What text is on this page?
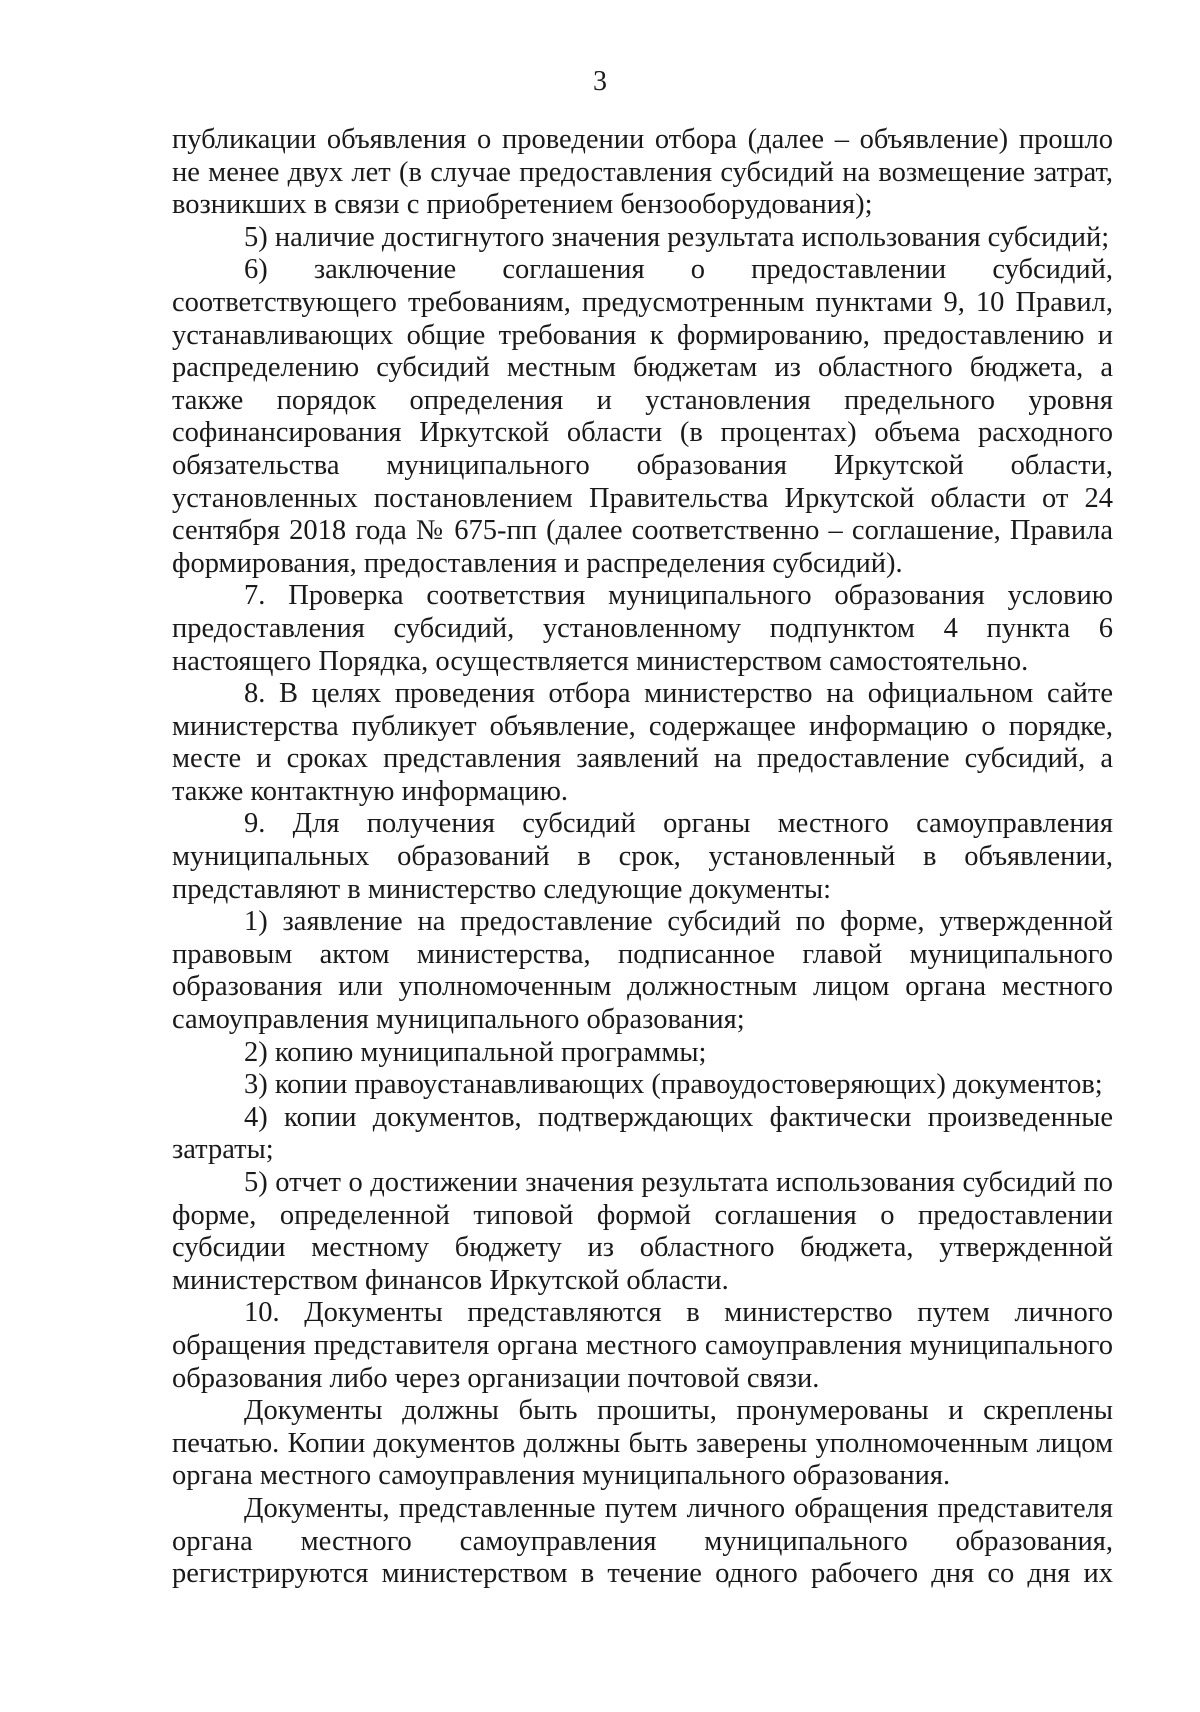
3

публикации объявления о проведении отбора (далее – объявление) прошло не менее двух лет (в случае предоставления субсидий на возмещение затрат, возникших в связи с приобретением бензооборудования);

5) наличие достигнутого значения результата использования субсидий;

6) заключение соглашения о предоставлении субсидий, соответствующего требованиям, предусмотренным пунктами 9, 10 Правил, устанавливающих общие требования к формированию, предоставлению и распределению субсидий местным бюджетам из областного бюджета, а также порядок определения и установления предельного уровня софинансирования Иркутской области (в процентах) объема расходного обязательства муниципального образования Иркутской области, установленных постановлением Правительства Иркутской области от 24 сентября 2018 года № 675-пп (далее соответственно – соглашение, Правила формирования, предоставления и распределения субсидий).

7. Проверка соответствия муниципального образования условию предоставления субсидий, установленному подпунктом 4 пункта 6 настоящего Порядка, осуществляется министерством самостоятельно.

8. В целях проведения отбора министерство на официальном сайте министерства публикует объявление, содержащее информацию о порядке, месте и сроках представления заявлений на предоставление субсидий, а также контактную информацию.

9. Для получения субсидий органы местного самоуправления муниципальных образований в срок, установленный в объявлении, представляют в министерство следующие документы:

1) заявление на предоставление субсидий по форме, утвержденной правовым актом министерства, подписанное главой муниципального образования или уполномоченным должностным лицом органа местного самоуправления муниципального образования;

2) копию муниципальной программы;

3) копии правоустанавливающих (правоудостоверяющих) документов;

4) копии документов, подтверждающих фактически произведенные затраты;

5) отчет о достижении значения результата использования субсидий по форме, определенной типовой формой соглашения о предоставлении субсидии местному бюджету из областного бюджета, утвержденной министерством финансов Иркутской области.

10. Документы представляются в министерство путем личного обращения представителя органа местного самоуправления муниципального образования либо через организации почтовой связи.

Документы должны быть прошиты, пронумерованы и скреплены печатью. Копии документов должны быть заверены уполномоченным лицом органа местного самоуправления муниципального образования.

Документы, представленные путем личного обращения представителя органа местного самоуправления муниципального образования, регистрируются министерством в течение одного рабочего дня со дня их
